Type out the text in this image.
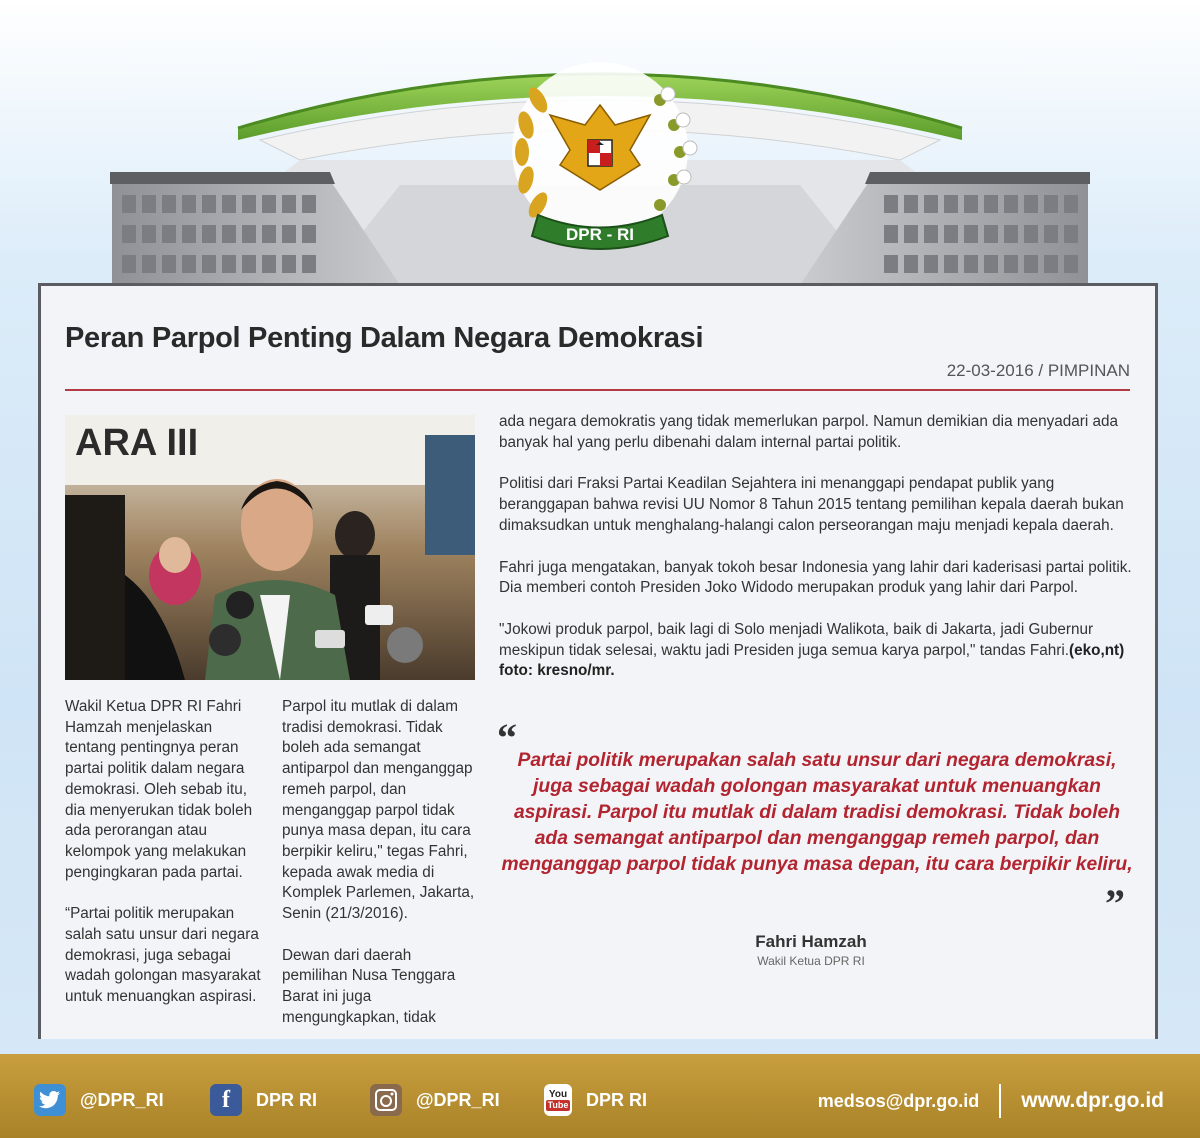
DPR - RI
Peran Parpol Penting Dalam Negara Demokrasi
22-03-2016 / PIMPINAN
ARA III

Wakil Ketua DPR RI Fahri Hamzah menjelaskan tentang pentingnya peran partai politik dalam negara demokrasi. Oleh sebab itu, dia menyerukan tidak boleh ada perorangan atau kelompok yang melakukan pengingkaran pada partai.

“Partai politik merupakan salah satu unsur dari negara demokrasi, juga sebagai wadah golongan masyarakat untuk menuangkan aspirasi.

Parpol itu mutlak di dalam tradisi demokrasi. Tidak boleh ada semangat antiparpol dan menganggap remeh parpol, dan menganggap parpol tidak punya masa depan, itu cara berpikir keliru," tegas Fahri, kepada awak media di Komplek Parlemen, Jakarta, Senin (21/3/2016).

Dewan dari daerah pemilihan Nusa Tenggara Barat ini juga mengungkapkan, tidak

ada negara demokratis yang tidak memerlukan parpol. Namun demikian dia menyadari ada banyak hal yang perlu dibenahi dalam internal partai politik.

Politisi dari Fraksi Partai Keadilan Sejahtera ini menanggapi pendapat publik yang beranggapan bahwa revisi UU Nomor 8 Tahun 2015 tentang pemilihan kepala daerah bukan dimaksudkan untuk menghalang-halangi calon perseorangan maju menjadi kepala daerah.

Fahri juga mengatakan, banyak tokoh besar Indonesia yang lahir dari kaderisasi partai politik. Dia memberi contoh Presiden Joko Widodo merupakan produk yang lahir dari Parpol.

"Jokowi produk parpol, baik lagi di Solo menjadi Walikota, baik di Jakarta, jadi Gubernur meskipun tidak selesai, waktu jadi Presiden juga semua karya parpol," tandas Fahri.(eko,nt)
foto: kresno/mr.

“
Partai politik merupakan salah satu unsur dari negara demokrasi, juga sebagai wadah golongan masyarakat untuk menuangkan aspirasi. Parpol itu mutlak di dalam tradisi demokrasi. Tidak boleh ada semangat antiparpol dan menganggap remeh parpol, dan menganggap parpol tidak punya masa depan, itu cara berpikir keliru,
”
Fahri Hamzah
Wakil Ketua DPR RI
@DPR_RI	f	DPR RI	@DPR_RI	You
Tube DPR RI	medsos@dpr.go.id www.dpr.go.id
